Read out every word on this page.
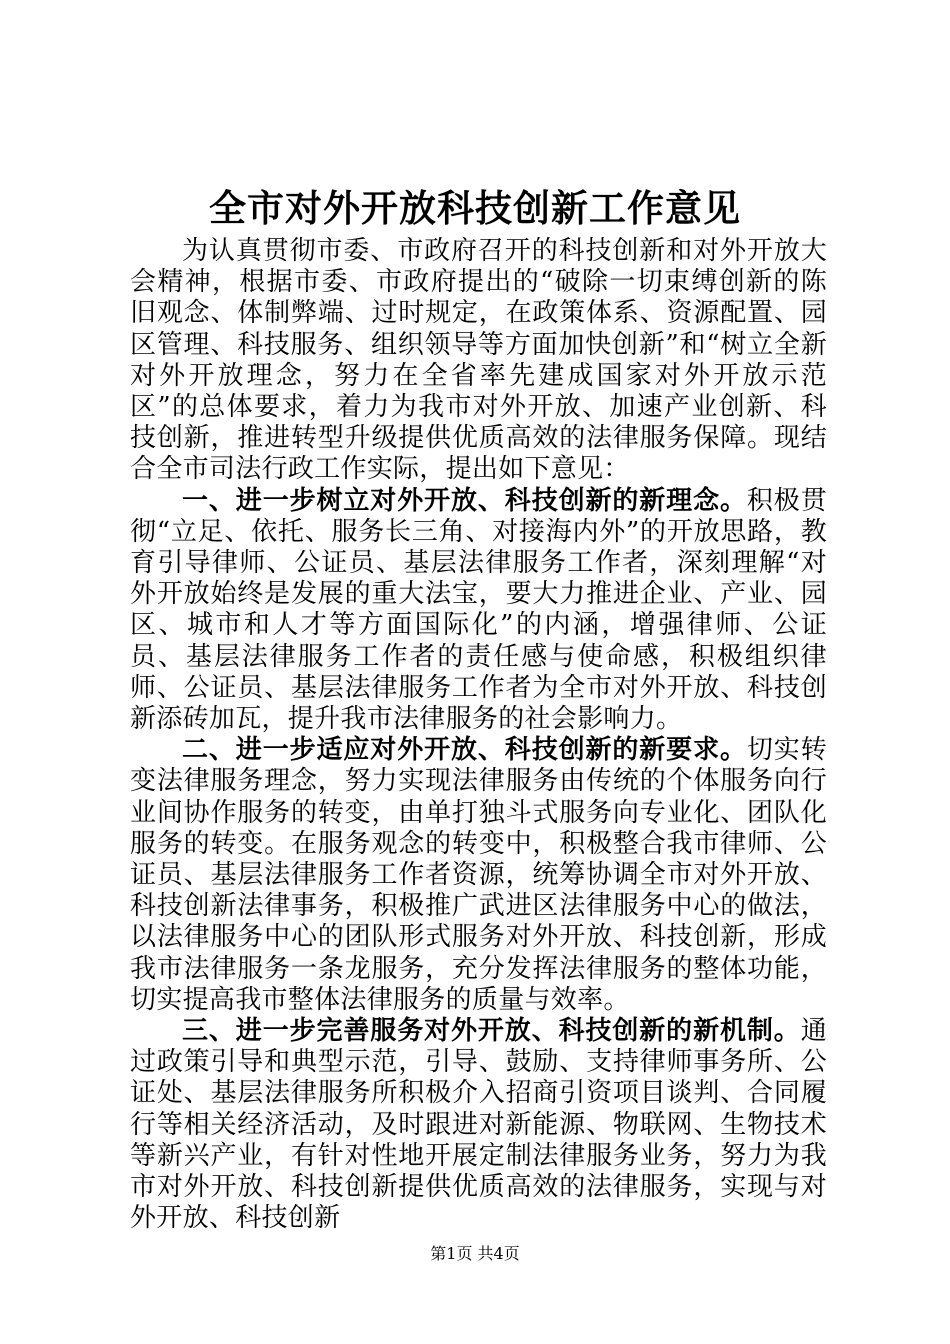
全市对外开放科技创新工作意见

为认真贯彻市委、市政府召开的科技创新和对外开放大会精神，根据市委、市政府提出的“破除一切束缚创新的陈旧观念、体制弊端、过时规定，在政策体系、资源配置、园区管理、科技服务、组织领导等方面加快创新”和“树立全新对外开放理念，努力在全省率先建成国家对外开放示范区”的总体要求，着力为我市对外开放、加速产业创新、科技创新，推进转型升级提供优质高效的法律服务保障。现结合全市司法行政工作实际，提出如下意见：

一、进一步树立对外开放、科技创新的新理念。积极贯彻“立足、依托、服务长三角、对接海内外”的开放思路，教育引导律师、公证员、基层法律服务工作者，深刻理解“对外开放始终是发展的重大法宝，要大力推进企业、产业、园区、城市和人才等方面国际化”的内涵，增强律师、公证员、基层法律服务工作者的责任感与使命感，积极组织律师、公证员、基层法律服务工作者为全市对外开放、科技创新添砖加瓦，提升我市法律服务的社会影响力。

二、进一步适应对外开放、科技创新的新要求。切实转变法律服务理念，努力实现法律服务由传统的个体服务向行业间协作服务的转变，由单打独斗式服务向专业化、团队化服务的转变。在服务观念的转变中，积极整合我市律师、公证员、基层法律服务工作者资源，统筹协调全市对外开放、科技创新法律事务，积极推广武进区法律服务中心的做法，以法律服务中心的团队形式服务对外开放、科技创新，形成我市法律服务一条龙服务，充分发挥法律服务的整体功能，切实提高我市整体法律服务的质量与效率。

三、进一步完善服务对外开放、科技创新的新机制。通过政策引导和典型示范，引导、鼓励、支持律师事务所、公证处、基层法律服务所积极介入招商引资项目谈判、合同履行等相关经济活动，及时跟进对新能源、物联网、生物技术等新兴产业，有针对性地开展定制法律服务业务，努力为我市对外开放、科技创新提供优质高效的法律服务，实现与对外开放、科技创新

第1页 共4页
